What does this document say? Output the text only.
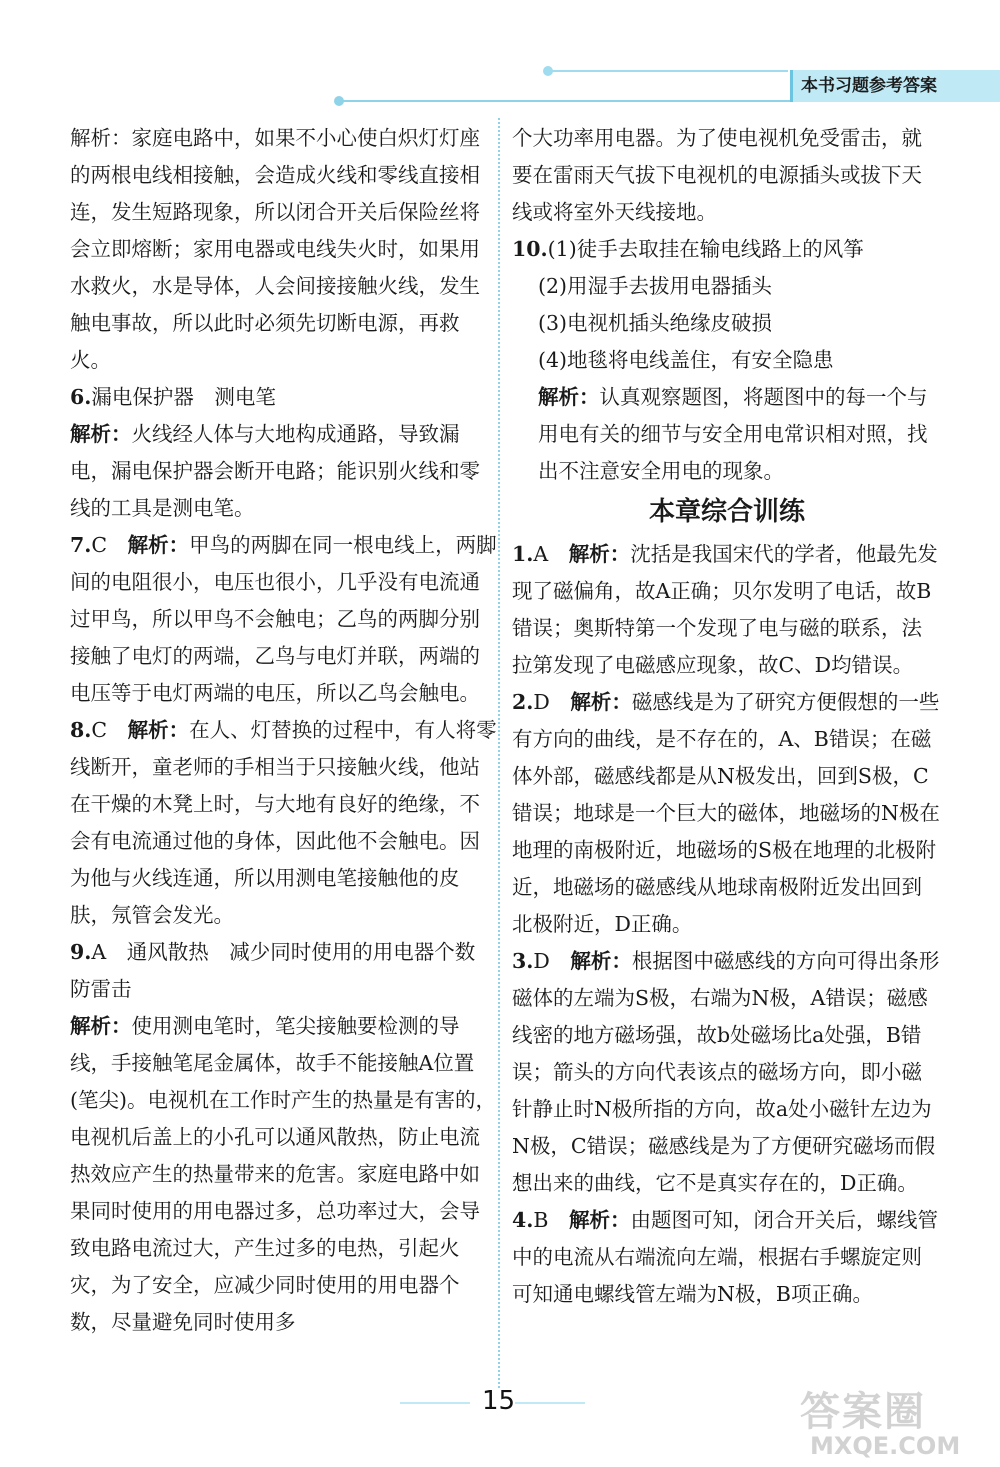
本书习题参考答案

解析：家庭电路中，如果不小心使白炽灯灯座的两根电线相接触，会造成火线和零线直接相连，发生短路现象，所以闭合开关后保险丝将会立即熔断；家用电器或电线失火时，如果用水救火，水是导体，人会间接接触火线，发生触电事故，所以此时必须先切断电源，再救火。

6.漏电保护器　测电笔

解析：火线经人体与大地构成通路，导致漏电，漏电保护器会断开电路；能识别火线和零线的工具是测电笔。

7.C　 解析：甲鸟的两脚在同一根电线上，两脚间的电阻很小，电压也很小，几乎没有电流通过甲鸟，所以甲鸟不会触电；乙鸟的两脚分别接触了电灯的两端，乙鸟与电灯并联，两端的电压等于电灯两端的电压，所以乙鸟会触电。

8.C　 解析：在人、灯替换的过程中，有人将零线断开，童老师的手相当于只接触火线，他站在干燥的木凳上时，与大地有良好的绝缘，不会有电流通过他的身体，因此他不会触电。因为他与火线连通，所以用测电笔接触他的皮肤，氖管会发光。

9.A　通风散热　减少同时使用的用电器个数　防雷击

解析：使用测电笔时，笔尖接触要检测的导线，手接触笔尾金属体，故手不能接触A位置(笔尖)。电视机在工作时产生的热量是有害的，电视机后盖上的小孔可以通风散热，防止电流热效应产生的热量带来的危害。家庭电路中如果同时使用的用电器过多，总功率过大，会导致电路电流过大，产生过多的电热，引起火灾，为了安全，应减少同时使用的用电器个数，尽量避免同时使用多

个大功率用电器。为了使电视机免受雷击，就要在雷雨天气拔下电视机的电源插头或拔下天线或将室外天线接地。

10.(1)徒手去取挂在输电线路上的风筝

(2)用湿手去拔用电器插头

(3)电视机插头绝缘皮破损

(4)地毯将电线盖住，有安全隐患

解析：认真观察题图，将题图中的每一个与用电有关的细节与安全用电常识相对照，找出不注意安全用电的现象。

本章综合训练

1.A　 解析：沈括是我国宋代的学者，他最先发现了磁偏角，故A正确；贝尔发明了电话，故B错误；奥斯特第一个发现了电与磁的联系，法拉第发现了电磁感应现象，故C、D均错误。

2.D　 解析：磁感线是为了研究方便假想的一些有方向的曲线，是不存在的，A、B错误；在磁体外部，磁感线都是从N极发出，回到S极，C错误；地球是一个巨大的磁体，地磁场的N极在地理的南极附近，地磁场的S极在地理的北极附近，地磁场的磁感线从地球南极附近发出回到北极附近，D正确。

3.D　 解析：根据图中磁感线的方向可得出条形磁体的左端为S极，右端为N极，A错误；磁感线密的地方磁场强，故b处磁场比a处强，B错误；箭头的方向代表该点的磁场方向，即小磁针静止时N极所指的方向，故a处小磁针左边为N极，C错误；磁感线是为了方便研究磁场而假想出来的曲线，它不是真实存在的，D正确。

4.B　 解析：由题图可知，闭合开关后，螺线管中的电流从右端流向左端，根据右手螺旋定则可知通电螺线管左端为N极，B项正确。

15	答案圈
MXQE.COM
